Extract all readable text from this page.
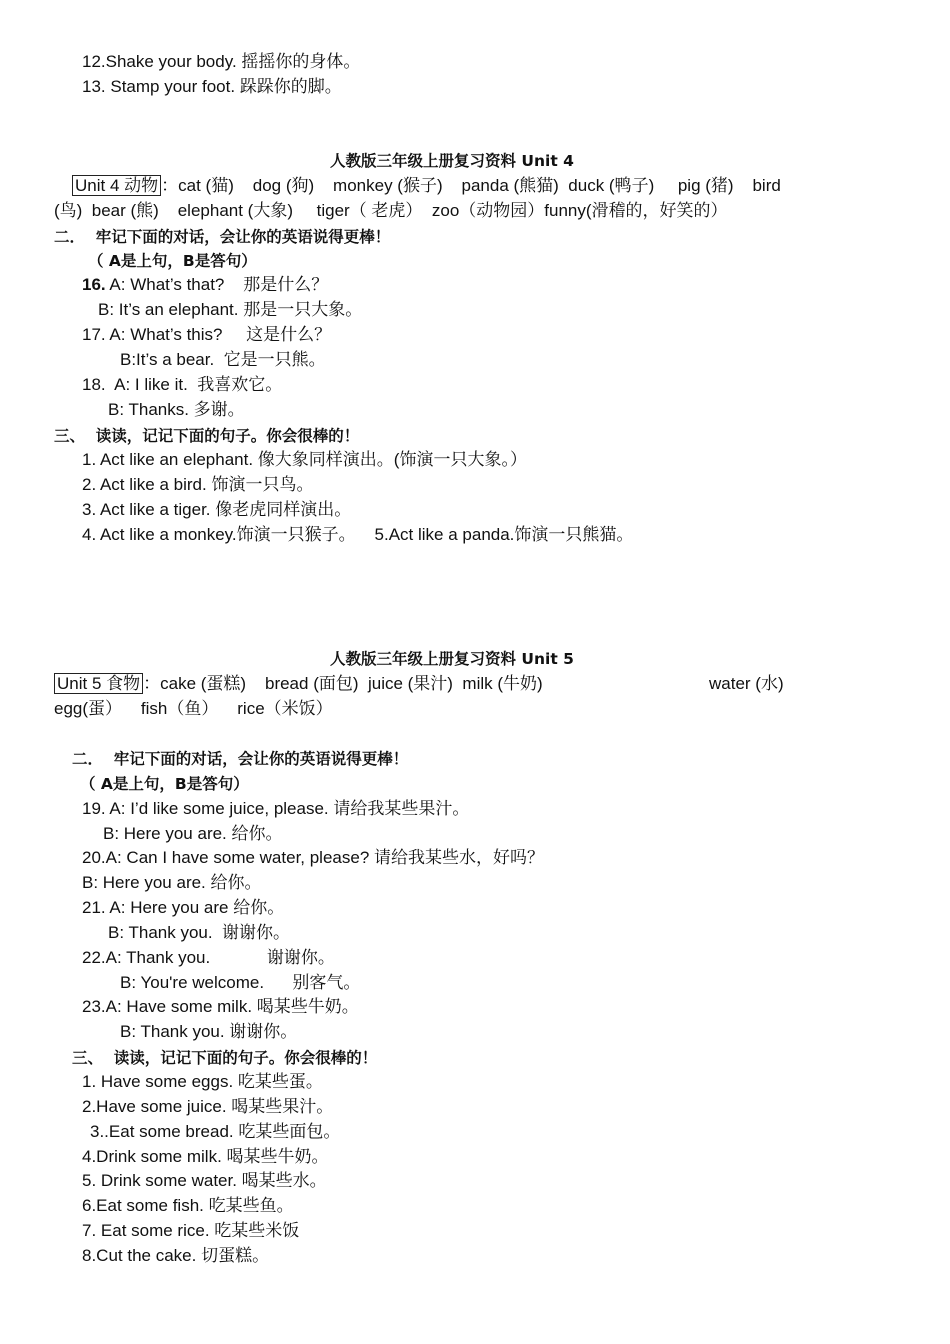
12.Shake your body. 摇摇你的身体。
13. Stamp your foot. 跺跺你的脚。
人教版三年级上册复习资料 Unit 4
Unit 4 动物 ：cat (猫)    dog (狗)    monkey (猴子)    panda (熊猫)  duck (鸭子)     pig (猪)    bird
(鸟)  bear (熊)    elephant (大象)     tiger（ 老虎）  zoo（动物园）funny(滑稽的，好笑的）
二．  牢记下面的对话，会让你的英语说得更棒！
（ A是上句，B是答句）
16. A: What’s that?    那是什么？
B: It’s an elephant. 那是一只大象。
17. A: What’s this?     这是什么？
B:It’s a bear.  它是一只熊。
18.  A: I like it.  我喜欢它。
B: Thanks. 多谢。
三、  读读，记记下面的句子。你会很棒的！
1. Act like an elephant. 像大象同样演出。(饰演一只大象。）
2. Act like a bird. 饰演一只鸟。
3. Act like a tiger. 像老虎同样演出。
4. Act like a monkey.饰演一只猴子。    5.Act like a panda.饰演一只熊猫。
人教版三年级上册复习资料 Unit 5
Unit 5 食物 ：cake (蛋糕)    bread (面包)  juice (果汁)  milk (牛奶)	water (水)
egg(蛋）    fish（鱼）    rice（米饭）
二．  牢记下面的对话，会让你的英语说得更棒！
（ A是上句，B是答句）
19. A: I’d like some juice, please. 请给我某些果汁。
B: Here you are. 给你。
20.A: Can I have some water, please? 请给我某些水，好吗？
B: Here you are. 给你。
21. A: Here you are 给你。
B: Thank you.  谢谢你。
22.A: Thank you.            谢谢你。
B: You're welcome.      别客气。
23.A: Have some milk. 喝某些牛奶。
B: Thank you. 谢谢你。
三、  读读，记记下面的句子。你会很棒的！
1. Have some eggs. 吃某些蛋。
2.Have some juice. 喝某些果汁。
3..Eat some bread. 吃某些面包。
4.Drink some milk. 喝某些牛奶。
5. Drink some water. 喝某些水。
6.Eat some fish. 吃某些鱼。
7. Eat some rice. 吃某些米饭
8.Cut the cake. 切蛋糕。
